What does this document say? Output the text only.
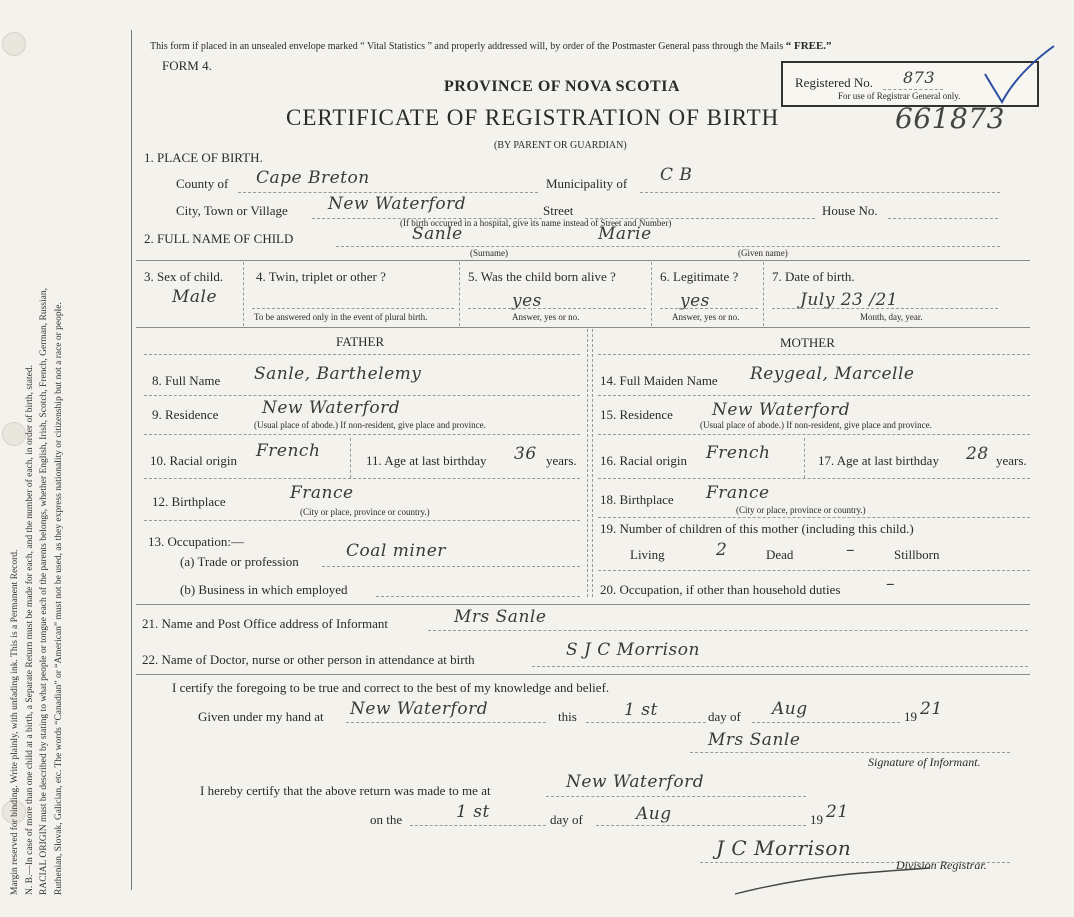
Margin reserved for binding. Write plainly, with unfading ink. This is a Permanent Record. N. B.—In case of more than one child at a birth, a Separate Return must be made for each, and the number of each, in order of birth, stated. RACIAL ORIGIN must be described by stating to what people or tongue each of the parents belongs, whether English, Irish, Scotch, French, German, Russian, Ruthenian, Slovak, Galician, etc. The words “Canadian” or “American” must not be used, as they express nationality or citizenship but not a race or people.
This form if placed in an unsealed envelope marked “ Vital Statistics ” and properly addressed will, by order of the Postmaster General pass through the Mails “ FREE.”
FORM 4.
PROVINCE OF NOVA SCOTIA	Registered No. 873
For use of Registrar General only.
CERTIFICATE OF REGISTRATION OF BIRTH	661873
(BY PARENT OR GUARDIAN)
1. PLACE OF BIRTH.
County of Cape Breton	Municipality of C B
City, Town or Village New Waterford	Street	House No.
(If birth occurred in a hospital, give its name instead of Street and Number)
2. FULL NAME OF CHILD	Sanle	Marie
(Surname)	(Given name)
3. Sex of child.
Male
4. Twin, triplet or other ?
To be answered only in the event of plural birth.
5. Was the child born alive ?
yes
Answer, yes or no.
6. Legitimate ?
yes
Answer, yes or no.
7. Date of birth.
July 23 /21
Month, day, year.
FATHER
8. Full Name Sanle, Barthelemy
9. Residence	New Waterford
(Usual place of abode.) If non-resident, give place and province.
10. Racial origin French	11. Age at last birthday 36 years.
12. Birthplace	France
(City or place, province or country.)
13. Occupation:—
(a) Trade or profession
Coal miner
(b) Business in which employed
MOTHER
14. Full Maiden Name Reygeal, Marcelle
15. Residence New Waterford
(Usual place of abode.) If non-resident, give place and province.
16. Racial origin French	17. Age at last birthday 28 years.
18. Birthplace France
(City or place, province or country.)
19. Number of children of this mother (including this child.)
Living	2	Dead	–	Stillborn
20. Occupation, if other than household duties	–
21. Name and Post Office address of Informant	Mrs Sanle
22. Name of Doctor, nurse or other person in attendance at birth	S J C Morrison
I certify the foregoing to be true and correct to the best of my knowledge and belief.
Given under my hand at New Waterford	this	1 st	day of Aug	19 21
Mrs Sanle
Signature of Informant.
I hereby certify that the above return was made to me at	New Waterford
on the	1 st	day of	Aug	19 21
J C Morrison
Division Registrar.
